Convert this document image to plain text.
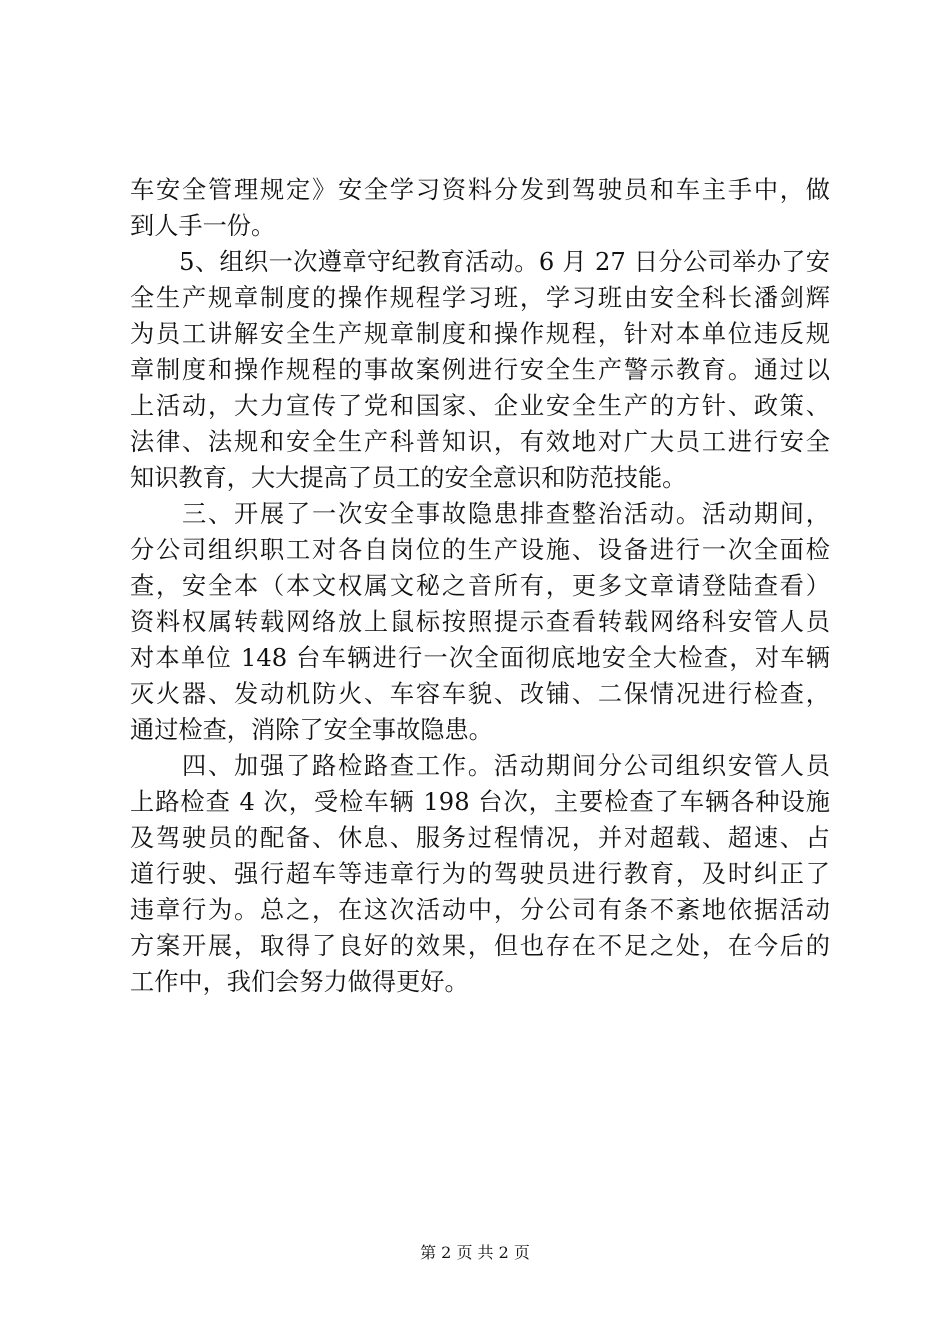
车安全管理规定》安全学习资料分发到驾驶员和车主手中，做
到人手一份。
　　5、组织一次遵章守纪教育活动。6 月 27 日分公司举办了安
全生产规章制度的操作规程学习班，学习班由安全科长潘剑辉
为员工讲解安全生产规章制度和操作规程，针对本单位违反规
章制度和操作规程的事故案例进行安全生产警示教育。通过以
上活动，大力宣传了党和国家、企业安全生产的方针、政策、
法律、法规和安全生产科普知识，有效地对广大员工进行安全
知识教育，大大提高了员工的安全意识和防范技能。
　　三、开展了一次安全事故隐患排查整治活动。活动期间，
分公司组织职工对各自岗位的生产设施、设备进行一次全面检
查，安全本（本文权属文秘之音所有，更多文章请登陆查看）
资料权属转载网络放上鼠标按照提示查看转载网络科安管人员
对本单位 148 台车辆进行一次全面彻底地安全大检查，对车辆
灭火器、发动机防火、车容车貌、改铺、二保情况进行检查，
通过检查，消除了安全事故隐患。
　　四、加强了路检路查工作。活动期间分公司组织安管人员
上路检查 4 次，受检车辆 198 台次，主要检查了车辆各种设施
及驾驶员的配备、休息、服务过程情况，并对超载、超速、占
道行驶、强行超车等违章行为的驾驶员进行教育，及时纠正了
违章行为。总之，在这次活动中，分公司有条不紊地依据活动
方案开展，取得了良好的效果，但也存在不足之处，在今后的
工作中，我们会努力做得更好。
第 2 页 共 2 页
